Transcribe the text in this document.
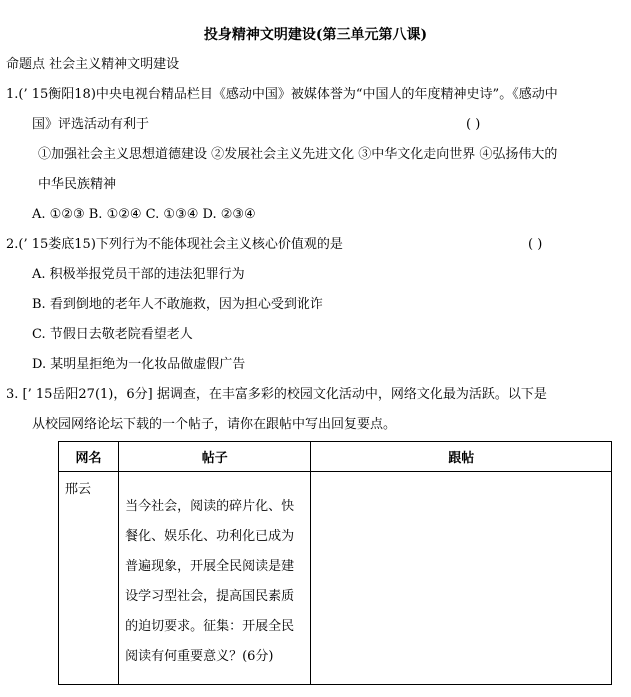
投身精神文明建设(第三单元第八课)
命题点 社会主义精神文明建设
1.(’ 15衡阳18)中央电视台精品栏目《感动中国》被媒体誉为“中国人的年度精神史诗”。《感动中
国》评选活动有利于	( )
①加强社会主义思想道德建设 ②发展社会主义先进文化 ③中华文化走向世界 ④弘扬伟大的
中华民族精神
A. ①②③ B. ①②④ C. ①③④ D. ②③④
2.(’ 15娄底15)下列行为不能体现社会主义核心价值观的是	( )
A. 积极举报党员干部的违法犯罪行为
B. 看到倒地的老年人不敢施救，因为担心受到讹诈
C. 节假日去敬老院看望老人
D. 某明星拒绝为一化妆品做虚假广告
3. [’ 15岳阳27(1)，6分] 据调查，在丰富多彩的校园文化活动中，网络文化最为活跃。以下是
从校园网络论坛下载的一个帖子，请你在跟帖中写出回复要点。
网名	帖子	跟帖

邢云	当今社会，阅读的碎片化、快餐化、娱乐化、功利化已成为普遍现象，开展全民阅读是建设学习型社会，提高国民素质的迫切要求。征集：开展全民阅读有何重要意义？(6分)	
